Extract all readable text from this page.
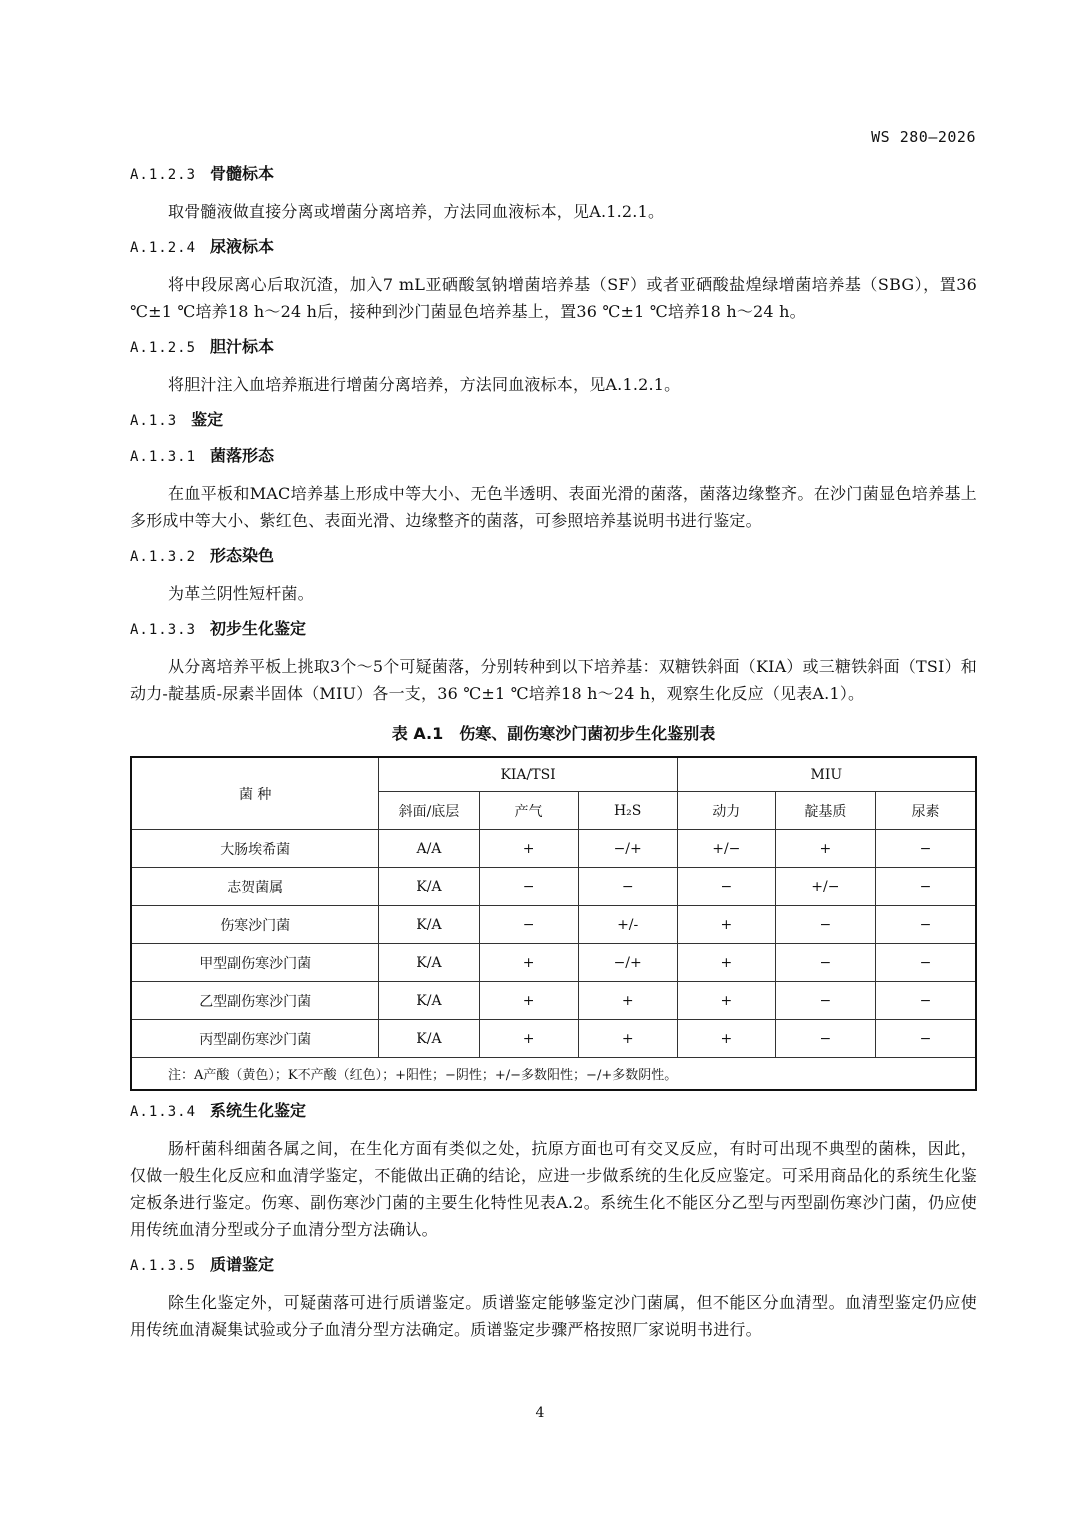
WS 280—2026
A.1.2.3 骨髓标本

取骨髓液做直接分离或增菌分离培养，方法同血液标本，见A.1.2.1。

A.1.2.4 尿液标本

将中段尿离心后取沉渣，加入7 mL亚硒酸氢钠增菌培养基（SF）或者亚硒酸盐煌绿增菌培养基（SBG），置36 ℃±1 ℃培养18 h～24 h后，接种到沙门菌显色培养基上，置36 ℃±1 ℃培养18 h～24 h。

A.1.2.5 胆汁标本

将胆汁注入血培养瓶进行增菌分离培养，方法同血液标本，见A.1.2.1。

A.1.3 鉴定
A.1.3.1 菌落形态

在血平板和MAC培养基上形成中等大小、无色半透明、表面光滑的菌落，菌落边缘整齐。在沙门菌显色培养基上多形成中等大小、紫红色、表面光滑、边缘整齐的菌落，可参照培养基说明书进行鉴定。

A.1.3.2 形态染色

为革兰阴性短杆菌。

A.1.3.3 初步生化鉴定

从分离培养平板上挑取3个～5个可疑菌落，分别转种到以下培养基：双糖铁斜面（KIA）或三糖铁斜面（TSI）和动力-靛基质-尿素半固体（MIU）各一支，36 ℃±1 ℃培养18 h～24 h，观察生化反应（见表A.1）。

表 A.1　伤寒、副伤寒沙门菌初步生化鉴别表
菌 种	KIA/TSI			MIU		
	斜面/底层	产气	H₂S	动力	靛基质	尿素
大肠埃希菌	A/A	+	−/+	+/−	+	−
志贺菌属	K/A	−	−	−	+/−	−
伤寒沙门菌	K/A	−	+/-	+	−	−
甲型副伤寒沙门菌	K/A	+	−/+	+	−	−
乙型副伤寒沙门菌	K/A	+	+	+	−	−
丙型副伤寒沙门菌	K/A	+	+	+	−	−
注：A产酸（黄色）；K不产酸（红色）；+阳性；−阴性；+/−多数阳性；−/+多数阴性。						
A.1.3.4 系统生化鉴定

肠杆菌科细菌各属之间，在生化方面有类似之处，抗原方面也可有交叉反应，有时可出现不典型的菌株，因此，仅做一般生化反应和血清学鉴定，不能做出正确的结论，应进一步做系统的生化反应鉴定。可采用商品化的系统生化鉴定板条进行鉴定。伤寒、副伤寒沙门菌的主要生化特性见表A.2。系统生化不能区分乙型与丙型副伤寒沙门菌，仍应使用传统血清分型或分子血清分型方法确认。

A.1.3.5 质谱鉴定

除生化鉴定外，可疑菌落可进行质谱鉴定。质谱鉴定能够鉴定沙门菌属，但不能区分血清型。血清型鉴定仍应使用传统血清凝集试验或分子血清分型方法确定。质谱鉴定步骤严格按照厂家说明书进行。

4
